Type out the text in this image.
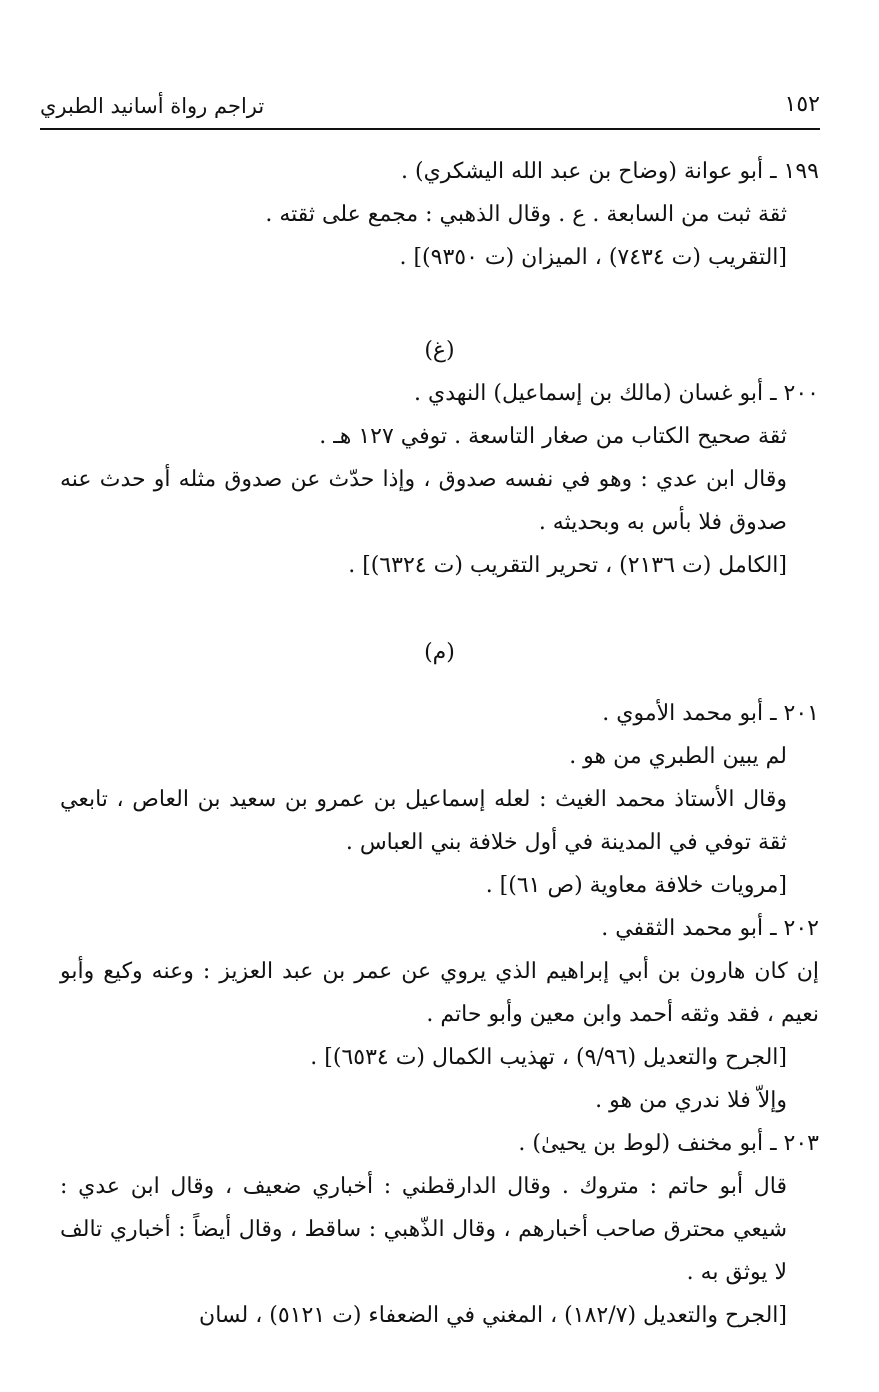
١٥٢
تراجم رواة أسانيد الطبري

١٩٩ ـ أبو عوانة (وضاح بن عبد الله اليشكري) .

ثقة ثبت من السابعة . ع . وقال الذهبي : مجمع على ثقته .

[التقريب (ت ٧٤٣٤) ، الميزان (ت ٩٣٥٠)] .

(غ)

٢٠٠ ـ أبو غسان (مالك بن إسماعيل) النهدي .

ثقة صحيح الكتاب من صغار التاسعة . توفي ١٢٧ هـ .

وقال ابن عدي : وهو في نفسه صدوق ، وإذا حدّث عن صدوق مثله أو حدث عنه صدوق فلا بأس به وبحديثه .

[الكامل (ت ٢١٣٦) ، تحرير التقريب (ت ٦٣٢٤)] .

(م)

٢٠١ ـ أبو محمد الأموي .

لم يبين الطبري من هو .

وقال الأستاذ محمد الغيث : لعله إسماعيل بن عمرو بن سعيد بن العاص ، تابعي ثقة توفي في المدينة في أول خلافة بني العباس .

[مرويات خلافة معاوية (ص ٦١)] .

٢٠٢ ـ أبو محمد الثقفي .

إن كان هارون بن أبي إبراهيم الذي يروي عن عمر بن عبد العزيز : وعنه وكيع وأبو نعيم ، فقد وثقه أحمد وابن معين وأبو حاتم .

[الجرح والتعديل (٩/٩٦) ، تهذيب الكمال (ت ٦٥٣٤)] .

وإلاّ فلا ندري من هو .

٢٠٣ ـ أبو مخنف (لوط بن يحيىٰ) .

قال أبو حاتم : متروك . وقال الدارقطني : أخباري ضعيف ، وقال ابن عدي : شيعي محترق صاحب أخبارهم ، وقال الذّهبي : ساقط ، وقال أيضاً : أخباري تالف لا يوثق به .

[الجرح والتعديل (١٨٢/٧) ، المغني في الضعفاء (ت ٥١٢١) ، لسان
